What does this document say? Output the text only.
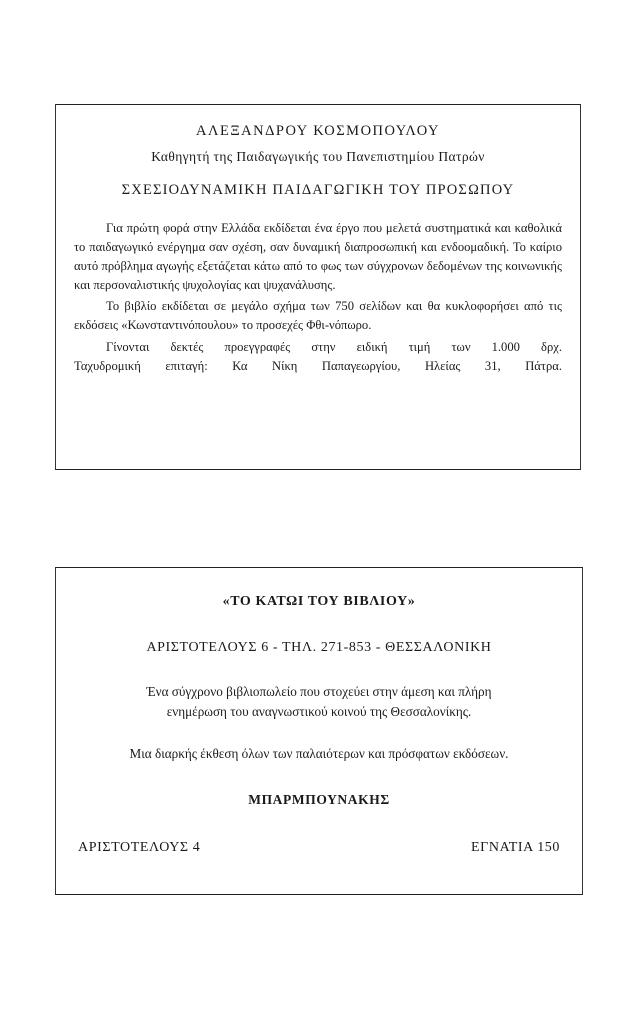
ΑΛΕΞΑΝΔΡΟΥ ΚΟΣΜΟΠΟΥΛΟΥ
Καθηγητή της Παιδαγωγικής του Πανεπιστημίου Πατρών
ΣΧΕΣΙΟΔΥΝΑΜΙΚΗ ΠΑΙΔΑΓΩΓΙΚΗ ΤΟΥ ΠΡΟΣΩΠΟΥ

Για πρώτη φορά στην Ελλάδα εκδίδεται ένα έργο που μελετά συστηματικά και καθολικά το παιδαγωγικό ενέργημα σαν σχέση, σαν δυναμική διαπροσωπική και ενδοομαδική. Το καίριο αυτό πρόβλημα αγωγής εξετάζεται κάτω από το φως των σύγχρονων δεδομένων της κοινωνικής και περσοναλιστικής ψυχολογίας και ψυχανάλυσης.

Το βιβλίο εκδίδεται σε μεγάλο σχήμα των 750 σελίδων και θα κυκλοφορήσει από τις εκδόσεις «Κωνσταντινόπουλου» το προσεχές Φθι-νόπωρο.

Γίνονται δεκτές προεγγραφές στην ειδική τιμή των 1.000 δρχ.
Ταχυδρομική επιταγή: Κα Νίκη Παπαγεωργίου, Ηλείας 31, Πάτρα.
«ΤΟ ΚΑΤΩΙ ΤΟΥ ΒΙΒΛΙΟΥ»
ΑΡΙΣΤΟΤΕΛΟΥΣ 6 - ΤΗΛ. 271-853 - ΘΕΣΣΑΛΟΝΙΚΗ
Ένα σύγχρονο βιβλιοπωλείο που στοχεύει στην άμεση και πλήρη
ενημέρωση του αναγνωστικού κοινού της Θεσσαλονίκης.
Μια διαρκής έκθεση όλων των παλαιότερων και πρόσφατων εκδόσεων.
ΜΠΑΡΜΠΟΥΝΑΚΗΣ
ΑΡΙΣΤΟΤΕΛΟΥΣ 4	ΕΓΝΑΤΙΑ 150
